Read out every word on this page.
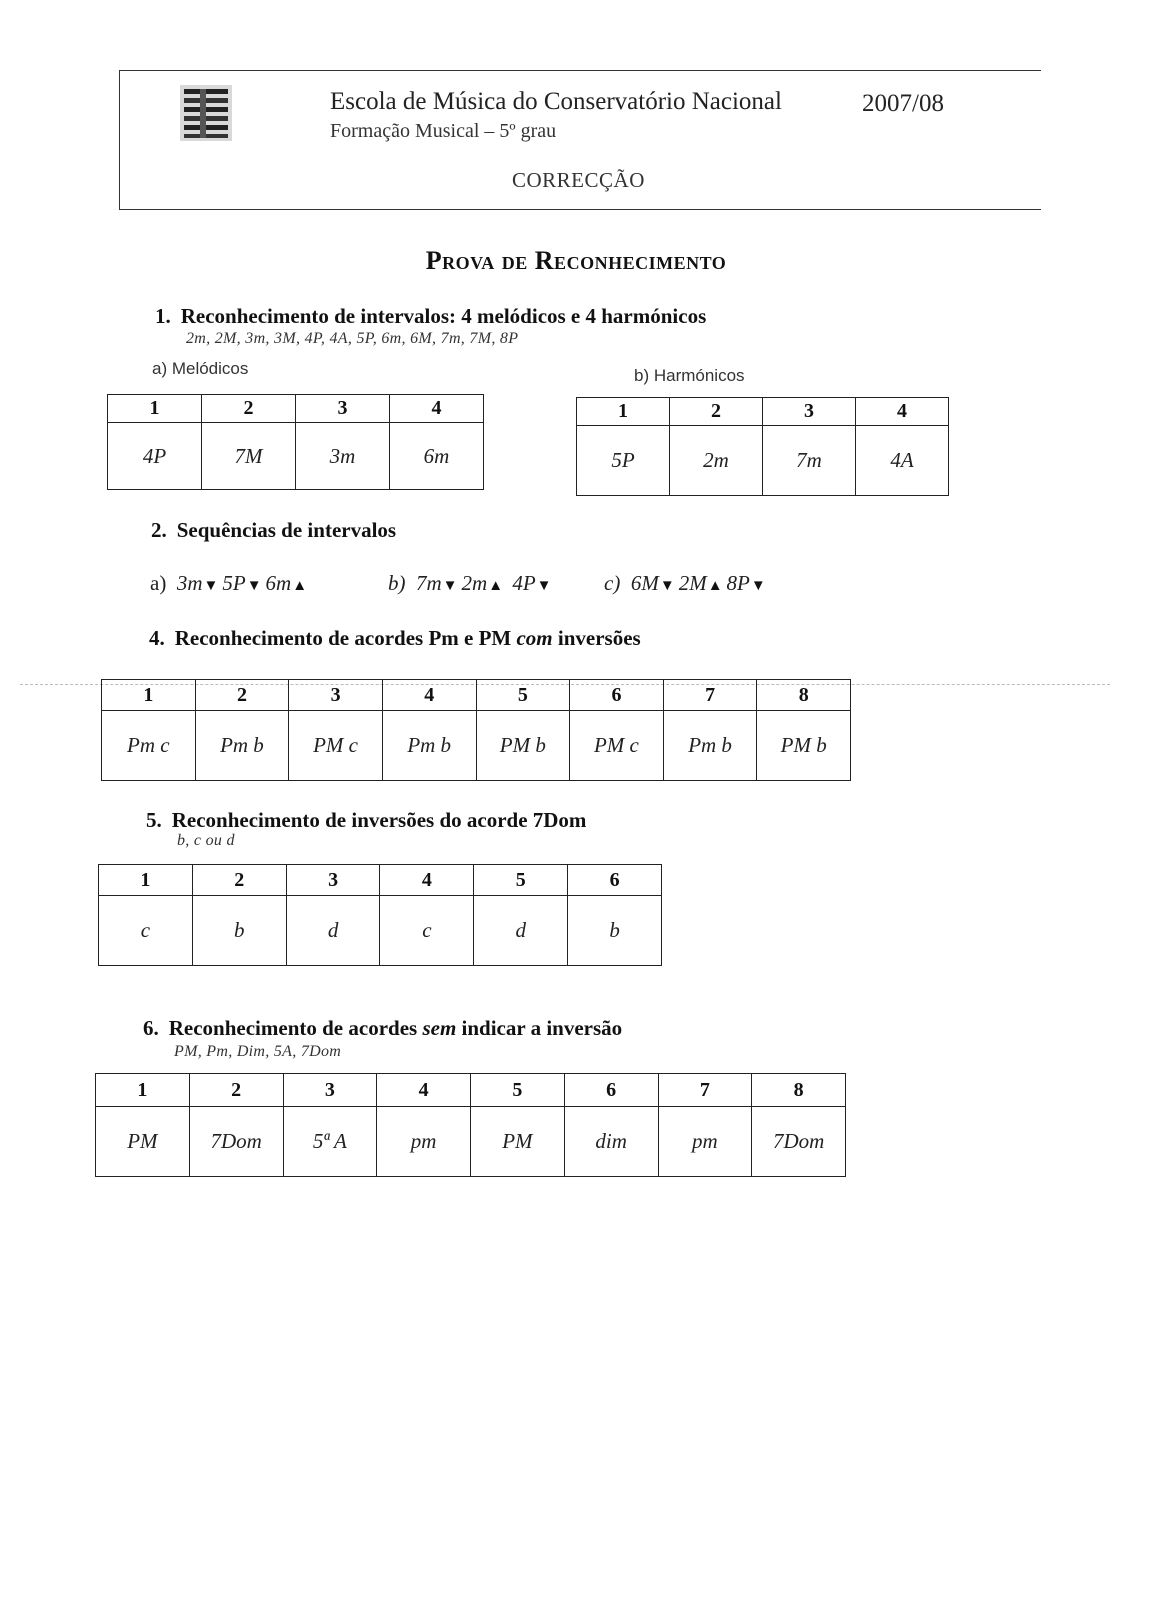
Escola de Música do Conservatório Nacional
Formação Musical – 5º grau
2007/08
CORRECÇÃO
Prova de Reconhecimento
1. Reconhecimento de intervalos: 4 melódicos e 4 harmónicos
2m, 2M, 3m, 3M, 4P, 4A, 5P, 6m, 6M, 7m, 7M, 8P
a) Melódicos	b) Harmónicos
1	2	3	4
4P	7M	3m	6m
1	2	3	4
5P	2m	7m	4A
2. Sequências de intervalos
a) 3m▼ 5P▼ 6m▲	b) 7m▼ 2m▲ 4P▼	c) 6M▼ 2M▲ 8P▼
4. Reconhecimento de acordes Pm e PM com inversões
1	2	3	4	5	6	7	8
Pm c	Pm b	PM c	Pm b	PM b	PM c	Pm b	PM b
5. Reconhecimento de inversões do acorde 7Dom
b, c ou d
1	2	3	4	5	6
c	b	d	c	d	b
6. Reconhecimento de acordes sem indicar a inversão
PM, Pm, Dim, 5A, 7Dom
1	2	3	4	5	6	7	8
PM	7Dom	5ª A	pm	PM	dim	pm	7Dom
